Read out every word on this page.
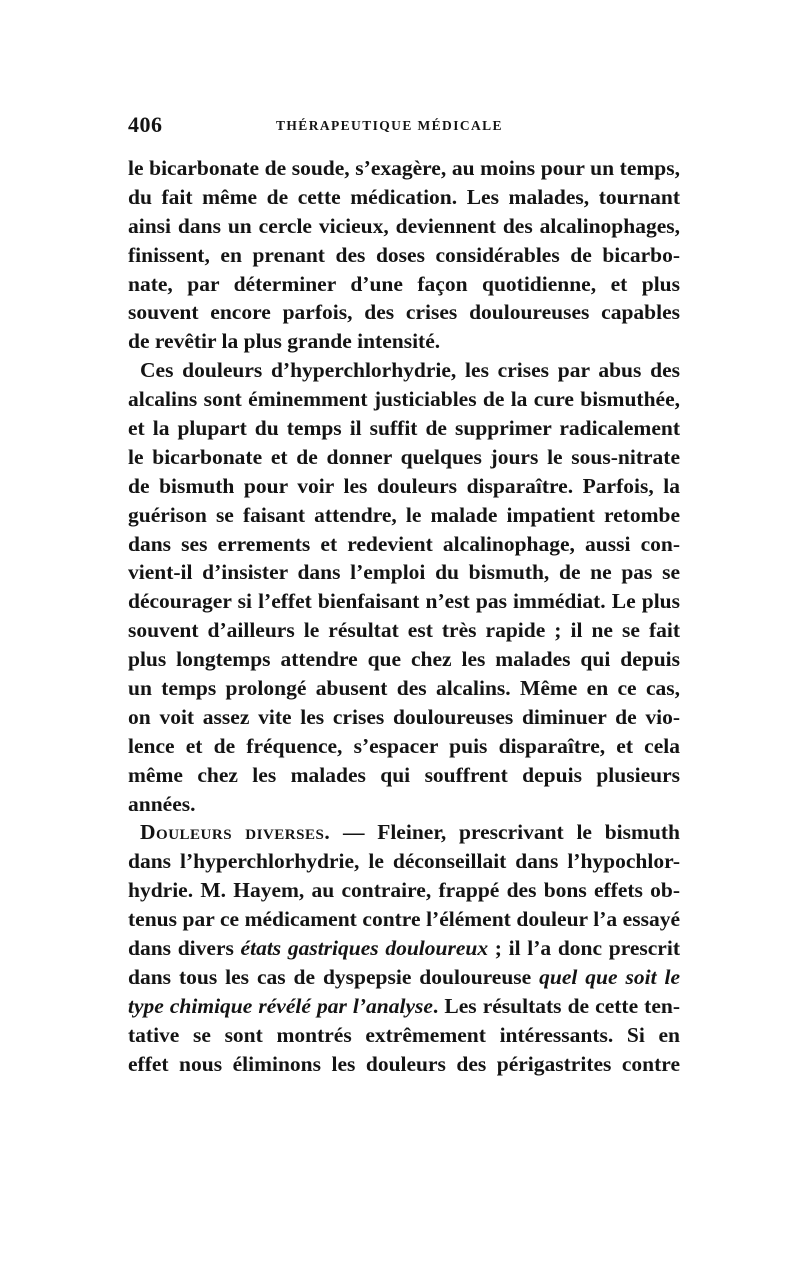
406	THÉRAPEUTIQUE MÉDICALE
le bicarbonate de soude, s’exagère, au moins pour un temps,
du fait même de cette médication. Les malades, tournant
ainsi dans un cercle vicieux, deviennent des alcalinophages,
finissent, en prenant des doses considérables de bicarbo-
nate, par déterminer d’une façon quotidienne, et plus
souvent encore parfois, des crises douloureuses capables
de revêtir la plus grande intensité.
Ces douleurs d’hyperchlorhydrie, les crises par abus des
alcalins sont éminemment justiciables de la cure bismuthée,
et la plupart du temps il suffit de supprimer radicalement
le bicarbonate et de donner quelques jours le sous-nitrate
de bismuth pour voir les douleurs disparaître. Parfois, la
guérison se faisant attendre, le malade impatient retombe
dans ses errements et redevient alcalinophage, aussi con-
vient-il d’insister dans l’emploi du bismuth, de ne pas se
décourager si l’effet bienfaisant n’est pas immédiat. Le plus
souvent d’ailleurs le résultat est très rapide ; il ne se fait
plus longtemps attendre que chez les malades qui depuis
un temps prolongé abusent des alcalins. Même en ce cas,
on voit assez vite les crises douloureuses diminuer de vio-
lence et de fréquence, s’espacer puis disparaître, et cela
même chez les malades qui souffrent depuis plusieurs
années.
Douleurs diverses. — Fleiner, prescrivant le bismuth
dans l’hyperchlorhydrie, le déconseillait dans l’hypochlor-
hydrie. M. Hayem, au contraire, frappé des bons effets ob-
tenus par ce médicament contre l’élément douleur l’a essayé
dans divers états gastriques douloureux ; il l’a donc prescrit
dans tous les cas de dyspepsie douloureuse quel que soit le
type chimique révélé par l’analyse. Les résultats de cette ten-
tative se sont montrés extrêmement intéressants. Si en
effet nous éliminons les douleurs des périgastrites contre
